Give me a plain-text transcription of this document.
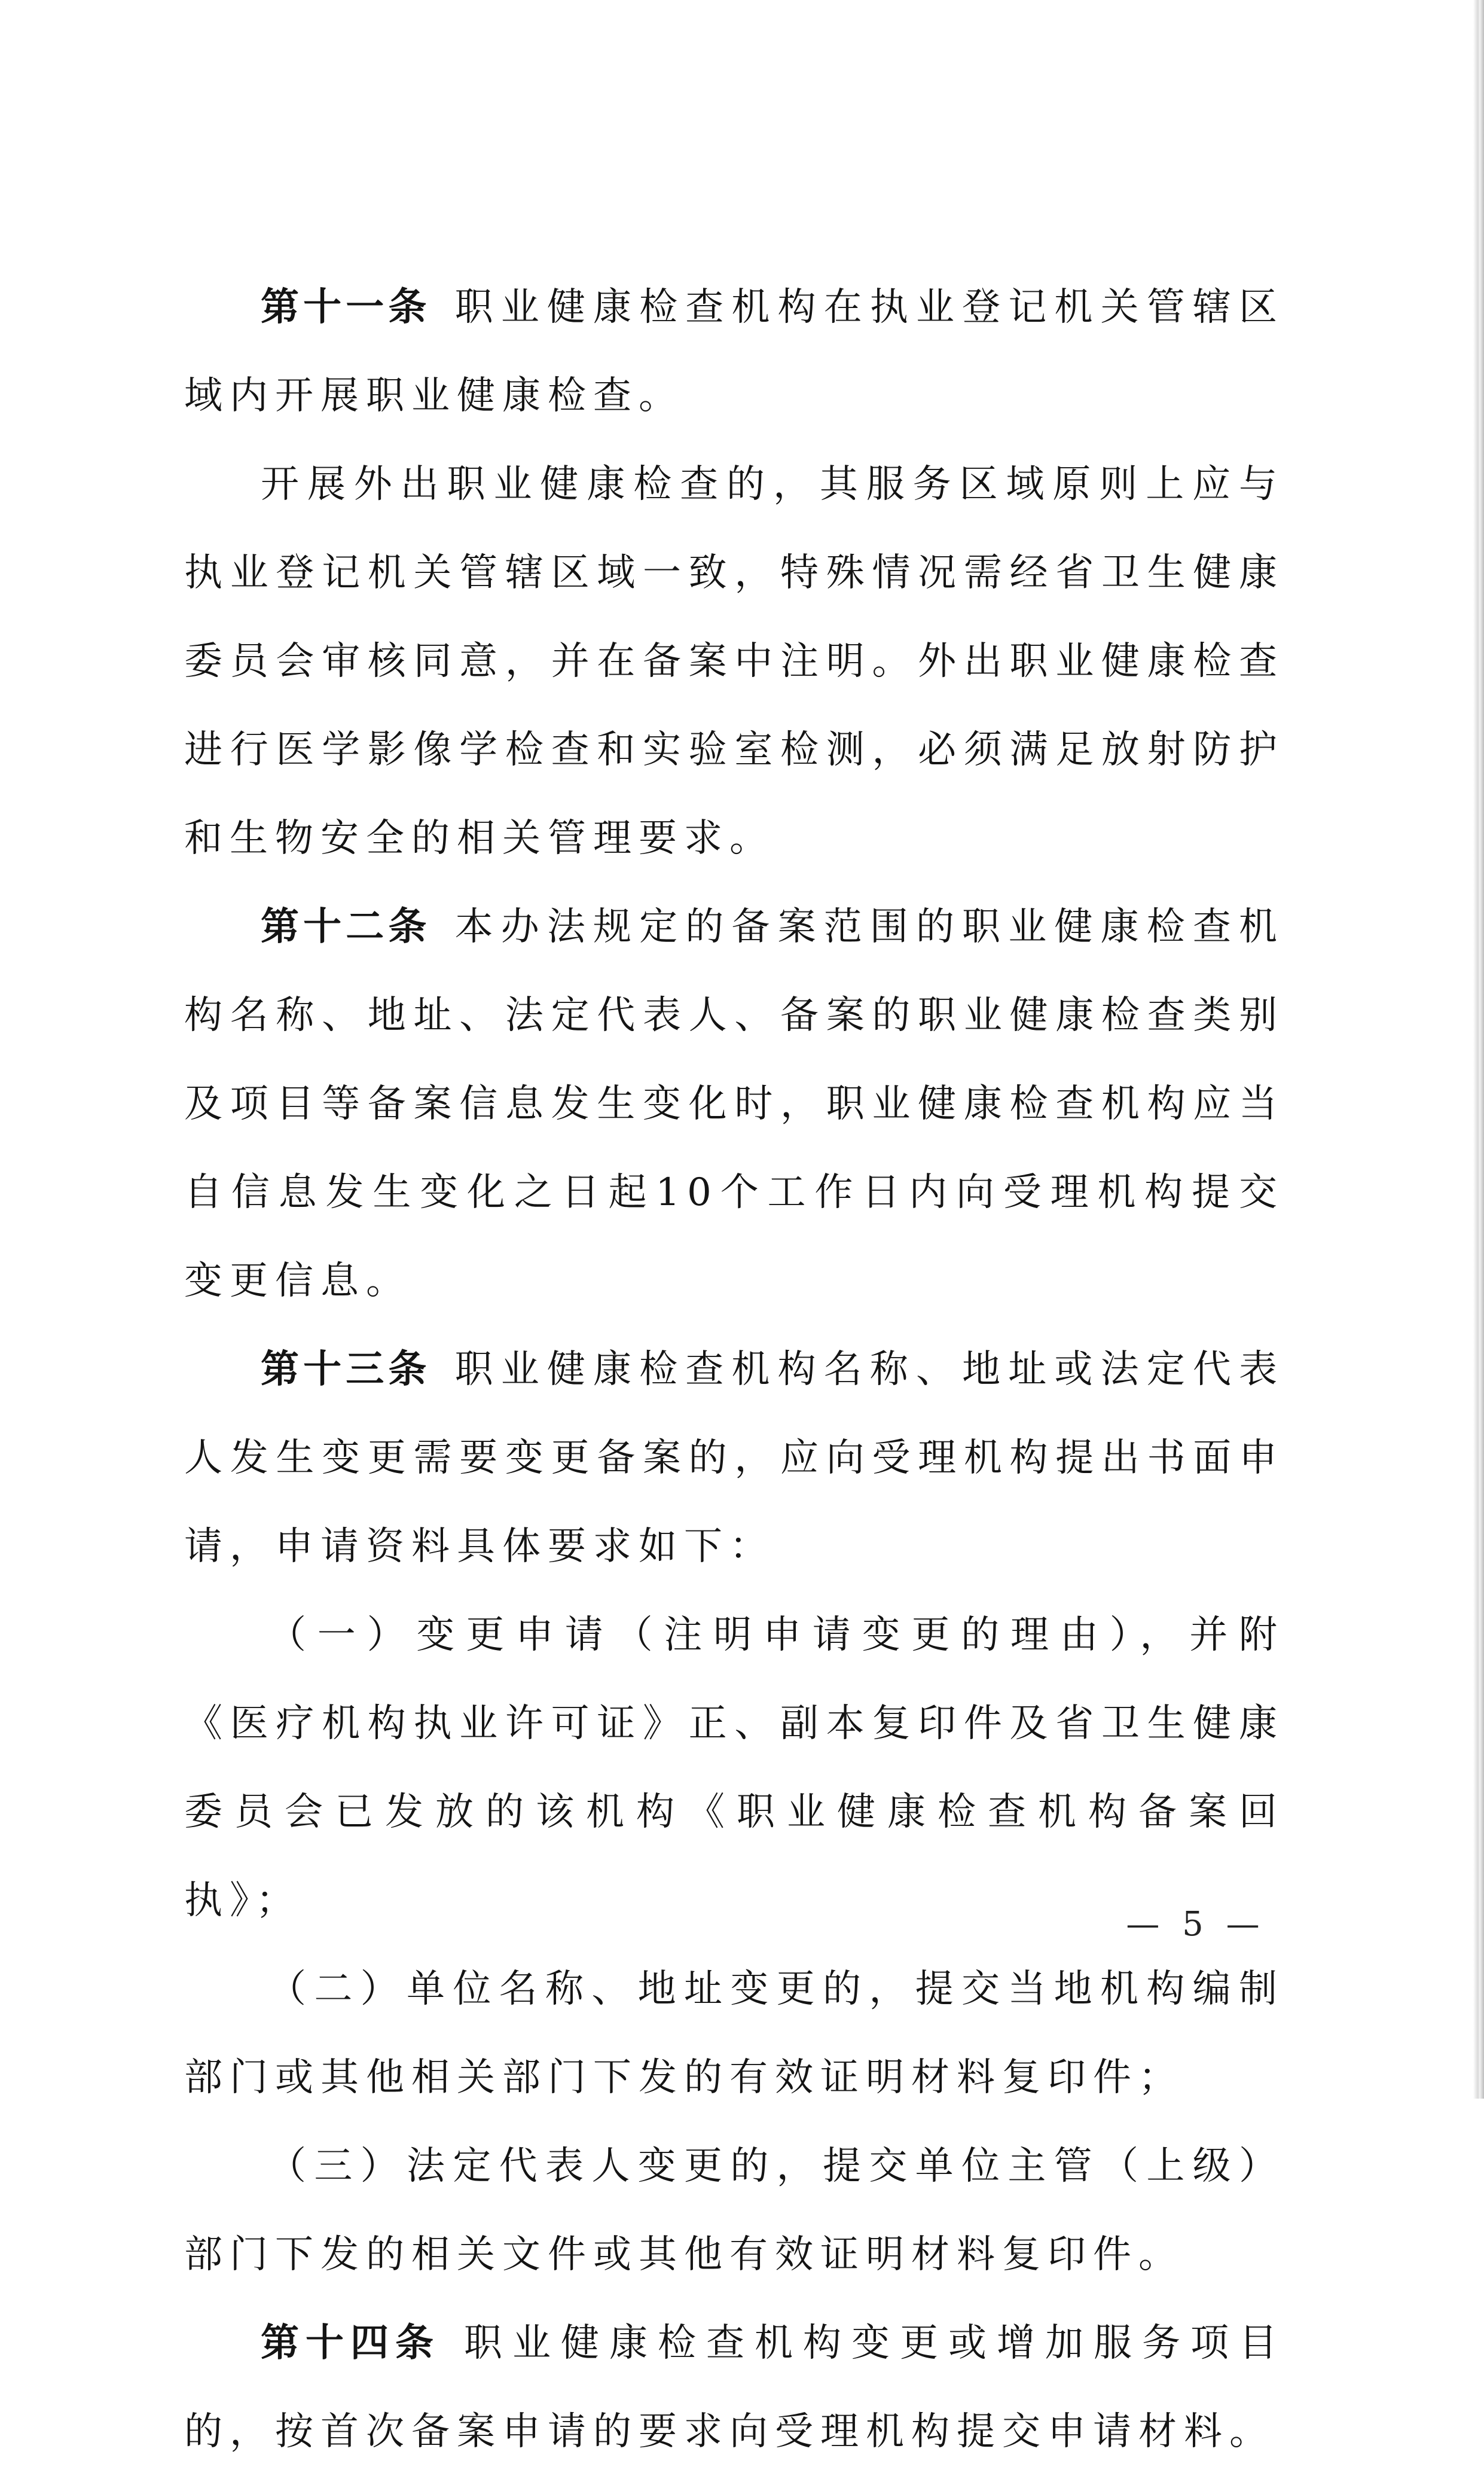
第十一条 职业健康检查机构在执业登记机关管辖区域内开展职业健康检查。

开展外出职业健康检查的，其服务区域原则上应与执业登记机关管辖区域一致，特殊情况需经省卫生健康委员会审核同意，并在备案中注明。外出职业健康检查进行医学影像学检查和实验室检测，必须满足放射防护和生物安全的相关管理要求。

第十二条 本办法规定的备案范围的职业健康检查机构名称、地址、法定代表人、备案的职业健康检查类别及项目等备案信息发生变化时，职业健康检查机构应当自信息发生变化之日起10个工作日内向受理机构提交变更信息。

第十三条 职业健康检查机构名称、地址或法定代表人发生变更需要变更备案的，应向受理机构提出书面申请，申请资料具体要求如下：

（一）变更申请（注明申请变更的理由），并附《医疗机构执业许可证》正、副本复印件及省卫生健康委员会已发放的该机构《职业健康检查机构备案回执》；

（二）单位名称、地址变更的，提交当地机构编制部门或其他相关部门下发的有效证明材料复印件；

（三）法定代表人变更的，提交单位主管（上级）部门下发的相关文件或其他有效证明材料复印件。

第十四条 职业健康检查机构变更或增加服务项目的，按首次备案申请的要求向受理机构提交申请材料。

— 5 —
